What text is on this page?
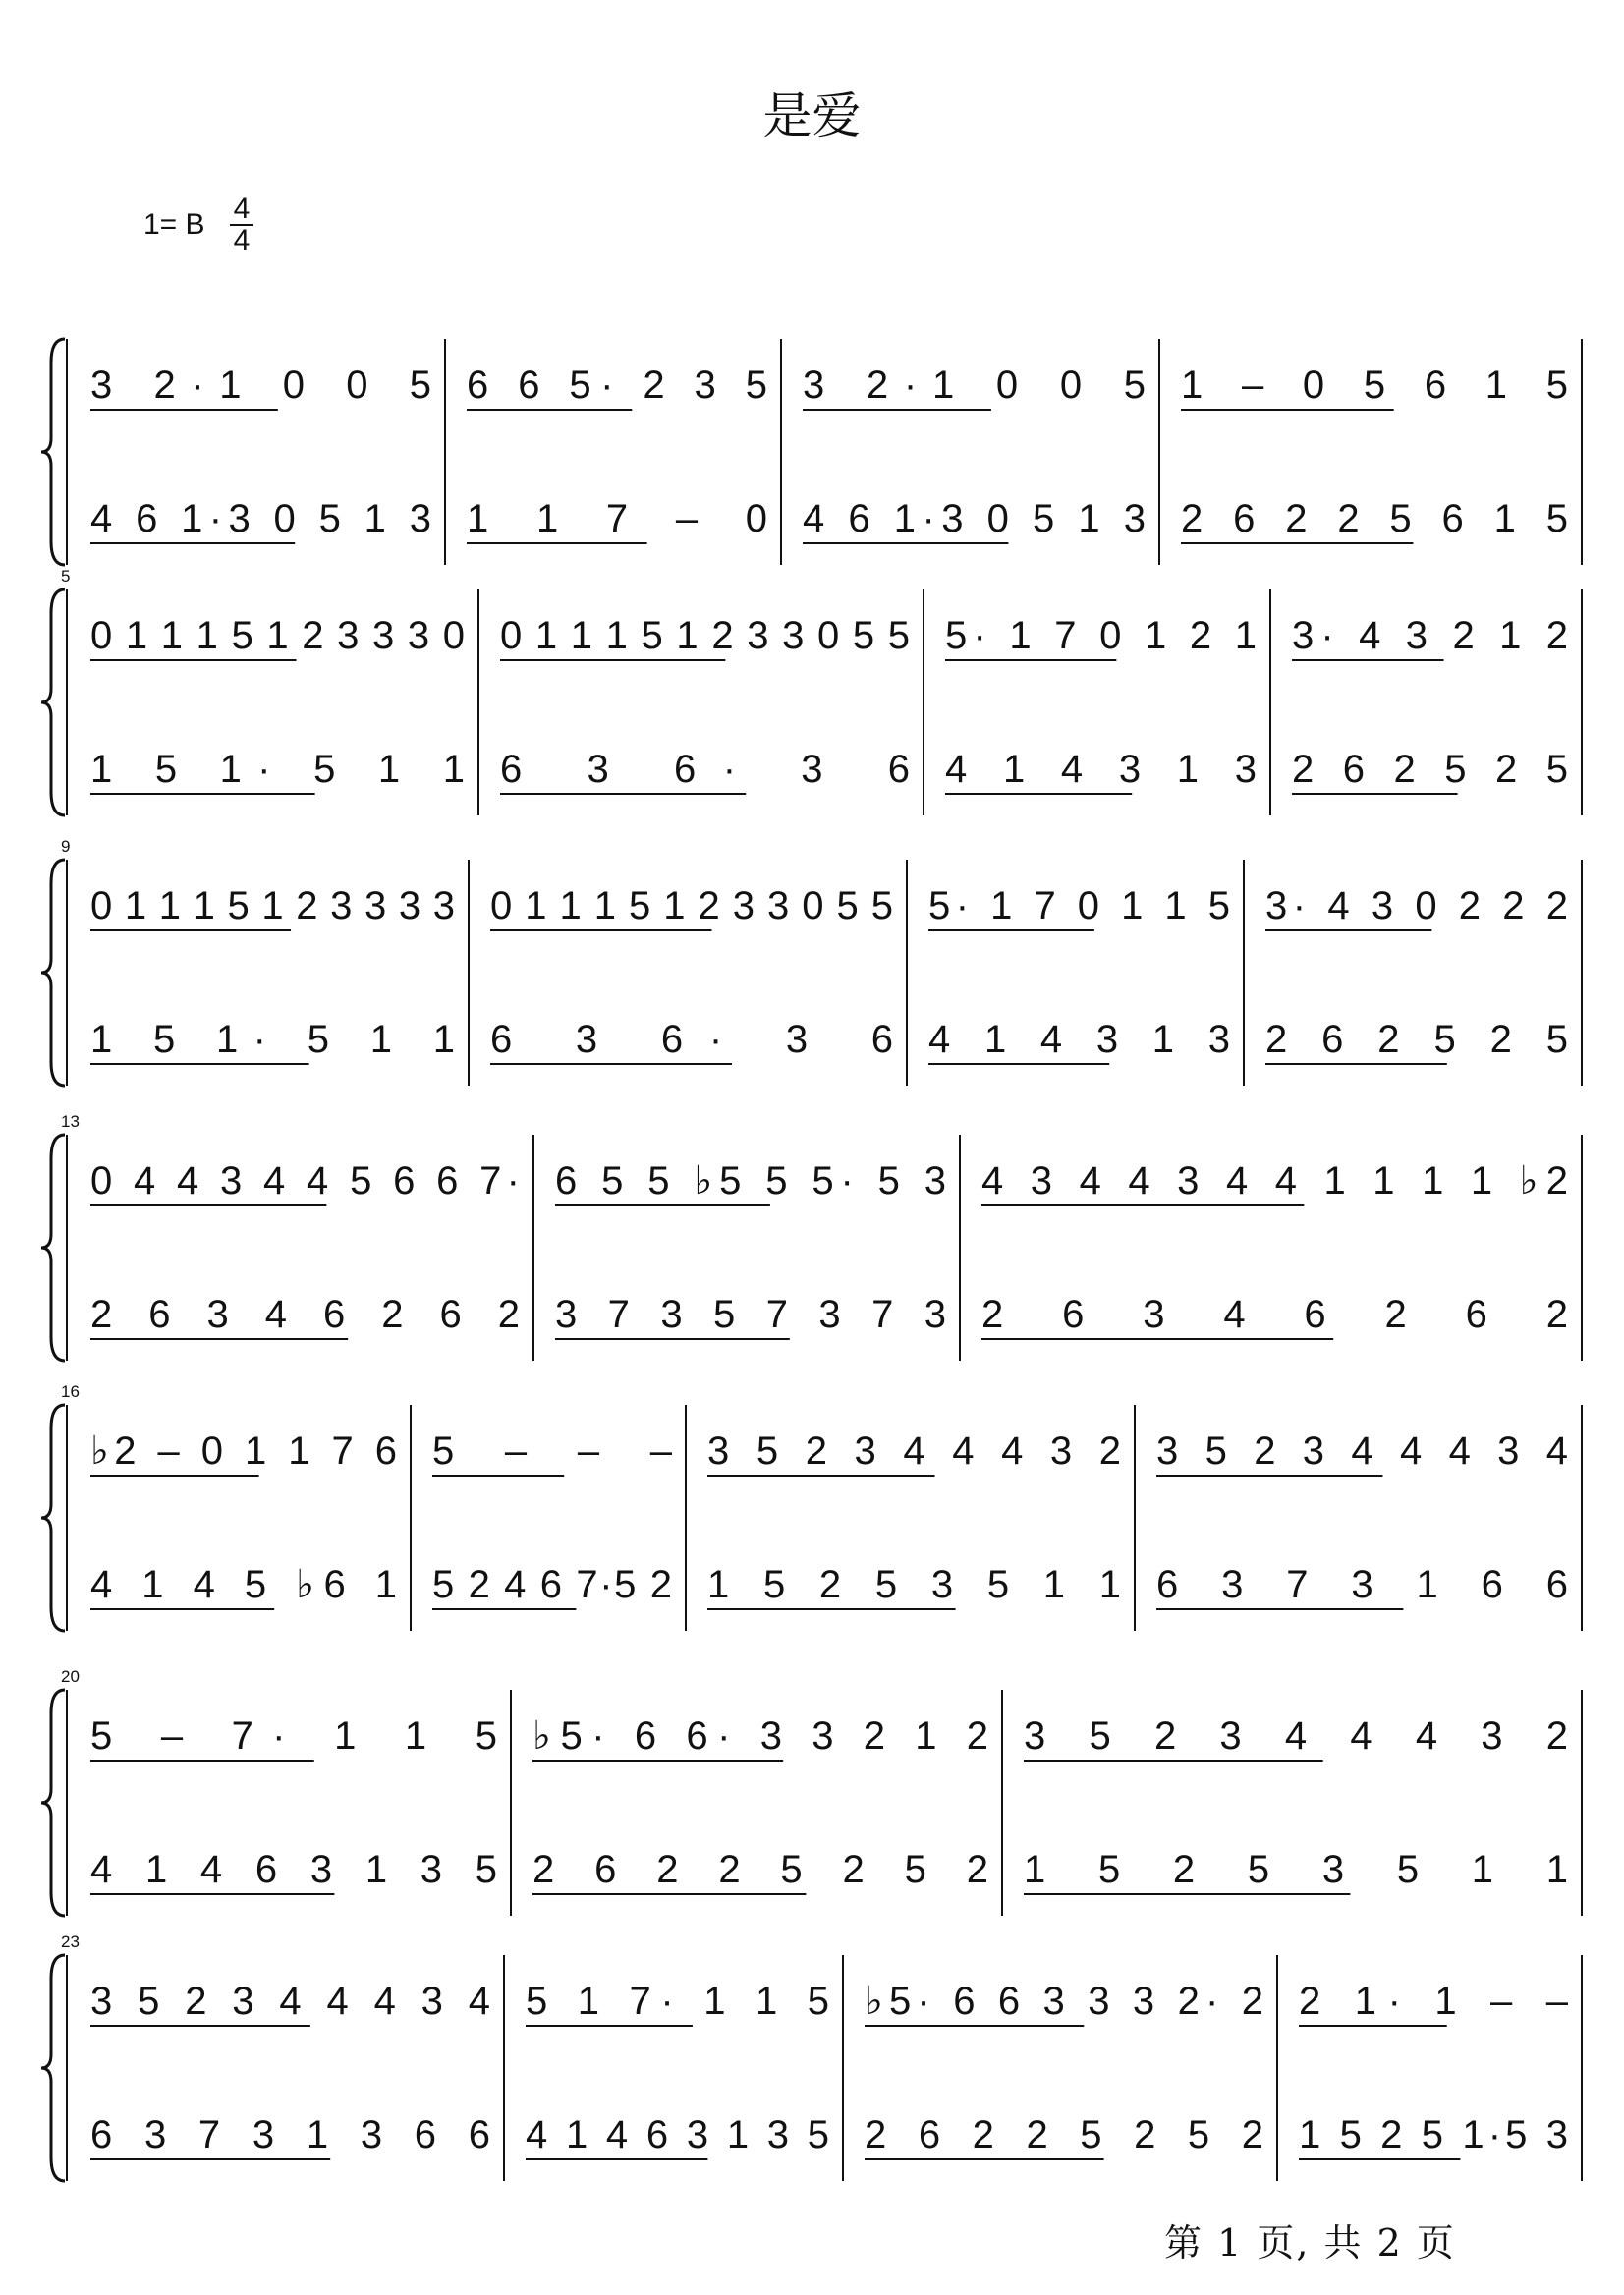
是爱
1= B $\frac{4}{4}$
3 2·1 0 0 5
4 6 1·3 0 5 1 3
6 6 5· 2 3 5
1 1 7 – 0
3 2·1 0 0 5
4 6 1·3 0 5 1 3
1 – 0 5 6 1 5
2 6 2 2 5 6 1 5
5
0 1 1 1 5 1 2 3 3 3 0
1 5 1· 5 1 1
0 1 1 1 5 1 2 3 3 0 5 5
6 3 6· 3 6
5· 1 7 0 1 2 1
4 1 4 3 1 3
3· 4 3 2 1 2
2 6 2 5 2 5
9
0 1 1 1 5 1 2 3 3 3 3
1 5 1· 5 1 1
0 1 1 1 5 1 2 3 3 0 5 5
6 3 6· 3 6
5· 1 7 0 1 1 5
4 1 4 3 1 3
3· 4 3 0 2 2 2
2 6 2 5 2 5
13
0 4 4 3 4 4 5 6 6 7·
2 6 3 4 6 2 6 2
6 5 5 ♭5 5 5· 5 3
3 7 3 5 7 3 7 3
4 3 4 4 3 4 4 1 1 1 1 ♭2
2 6 3 4 6 2 6 2
16
♭2 – 0 1 1 7 6
4 1 4 5 ♭6 1
5 – – –
5 2 4 6 7·5 2
3 5 2 3 4 4 4 3 2
1 5 2 5 3 5 1 1
3 5 2 3 4 4 4 3 4
6 3 7 3 1 6 6
20
5 – 7· 1 1 5
4 1 4 6 3 1 3 5
♭5· 6 6· 3 3 2 1 2
2 6 2 2 5 2 5 2
3 5 2 3 4 4 4 3 2
1 5 2 5 3 5 1 1
23
3 5 2 3 4 4 4 3 4
6 3 7 3 1 3 6 6
5 1 7· 1 1 5
4 1 4 6 3 1 3 5
♭5· 6 6 3 3 3 2· 2
2 6 2 2 5 2 5 2
2 1· 1 – –
1 5 2 5 1·5 3
第 1 页, 共 2 页
